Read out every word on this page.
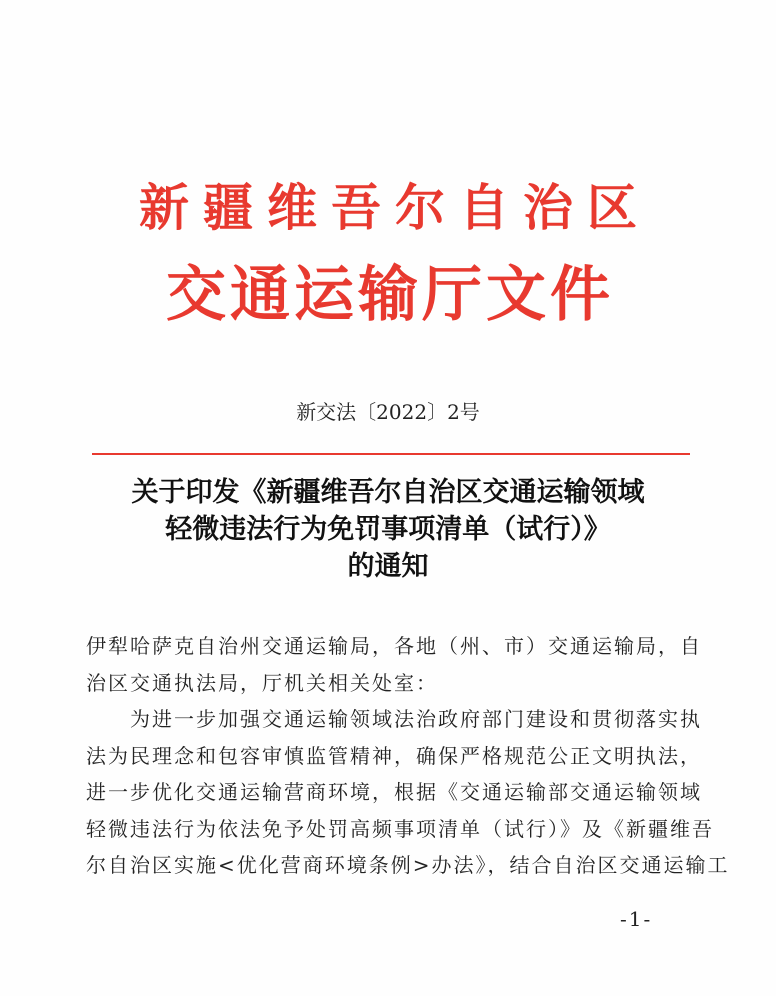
新疆维吾尔自治区
交通运输厅文件
新交法〔2022〕2号
关于印发《新疆维吾尔自治区交通运输领域
轻微违法行为免罚事项清单（试行）》
的通知
伊犁哈萨克自治州交通运输局，各地（州、市）交通运输局，自
治区交通执法局，厅机关相关处室：
为进一步加强交通运输领域法治政府部门建设和贯彻落实执
法为民理念和包容审慎监管精神，确保严格规范公正文明执法，
进一步优化交通运输营商环境，根据《交通运输部交通运输领域
轻微违法行为依法免予处罚高频事项清单（试行）》及《新疆维吾
尔自治区实施<优化营商环境条例>办法》，结合自治区交通运输工
-1-
